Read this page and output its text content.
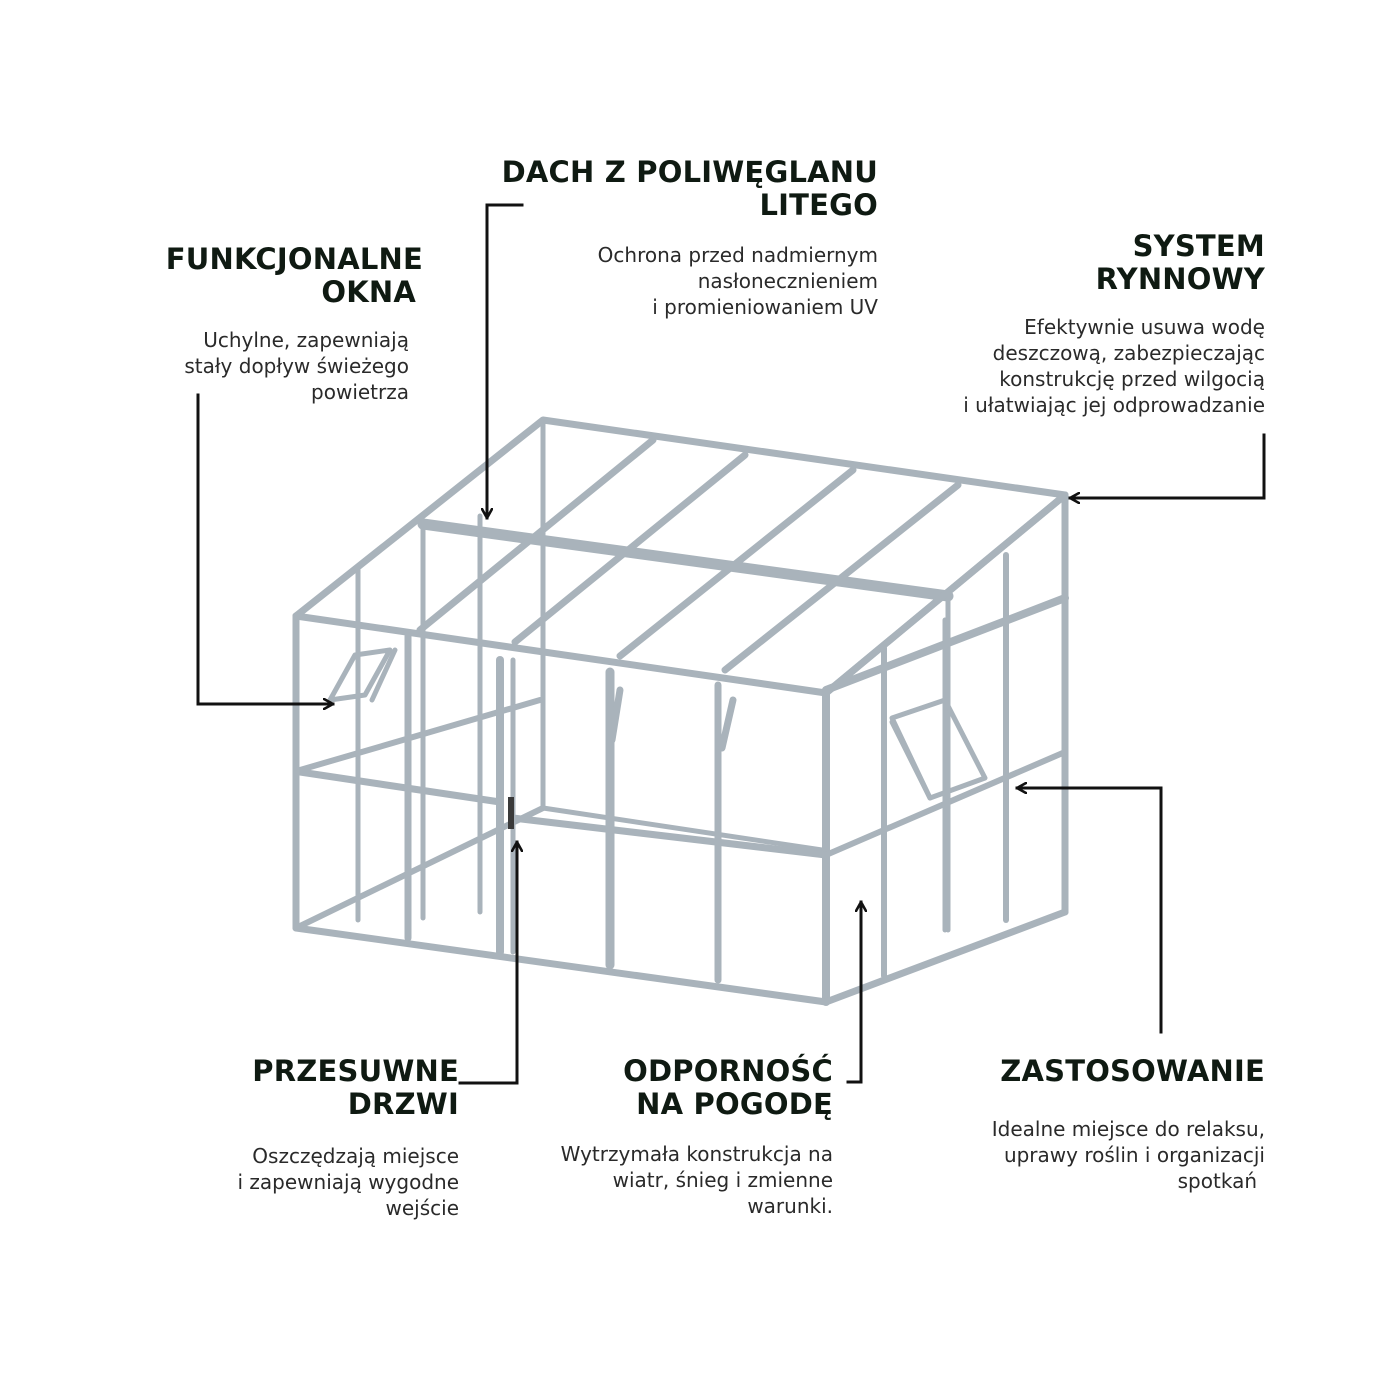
DACH Z POLIWĘGLANU
LITEGO

Ochrona przed nadmiernym
nasłonecznieniem
i promieniowaniem UV

FUNKCJONALNE
OKNA

Uchylne, zapewniają
stały dopływ świeżego
powietrza

SYSTEM
RYNNOWY

Efektywnie usuwa wodę
deszczową, zabezpieczając
konstrukcję przed wilgocią
i ułatwiając jej odprowadzanie

PRZESUWNE
DRZWI

Oszczędzają miejsce
i zapewniają wygodne
wejście

ODPORNOŚĆ
NA POGODĘ

Wytrzymała konstrukcja na
wiatr, śnieg i zmienne
warunki.

ZASTOSOWANIE

Idealne miejsce do relaksu,
uprawy roślin i organizacji
spotkań
